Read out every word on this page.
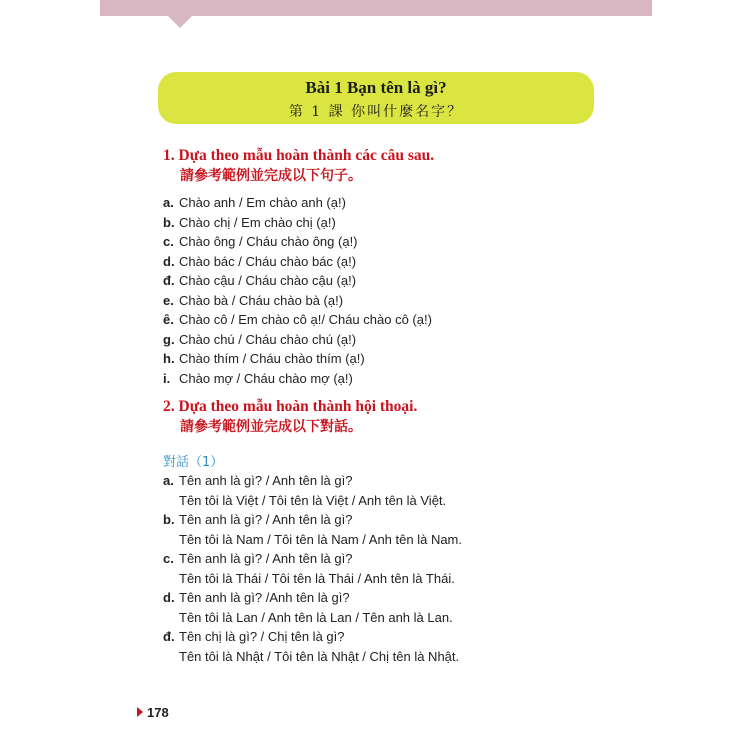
Bài 1 Bạn tên là gì?
第 1 課 你叫什麼名字？
1. Dựa theo mẫu hoàn thành các câu sau.
請參考範例並完成以下句子。
a. Chào anh / Em chào anh (ạ!)
b. Chào chị / Em chào chị (ạ!)
c. Chào ông / Cháu chào ông (ạ!)
d. Chào bác / Cháu chào bác (ạ!)
đ. Chào cậu / Cháu chào cậu (ạ!)
e. Chào bà / Cháu chào bà (ạ!)
ê. Chào cô / Em chào cô ạ!/ Cháu chào cô (ạ!)
g. Chào chú / Cháu chào chú (ạ!)
h. Chào thím / Cháu chào thím (ạ!)
i. Chào mợ / Cháu chào mợ (ạ!)
2. Dựa theo mẫu hoàn thành hội thoại.
請參考範例並完成以下對話。
對話（1）
a. Tên anh là gì? / Anh tên là gì?
Tên tôi là Việt / Tôi tên là Việt / Anh tên là Việt.
b. Tên anh là gì? / Anh tên là gì?
Tên tôi là Nam / Tôi tên là Nam / Anh tên là Nam.
c. Tên anh là gì? / Anh tên là gì?
Tên tôi là Thái / Tôi tên là Thái / Anh tên là Thái.
d. Tên anh là gì? /Anh tên là gì?
Tên tôi là Lan / Anh tên là Lan / Tên anh là Lan.
đ. Tên chị là gì? / Chị tên là gì?
Tên tôi là Nhật / Tôi tên là Nhật / Chị tên là Nhật.
178
